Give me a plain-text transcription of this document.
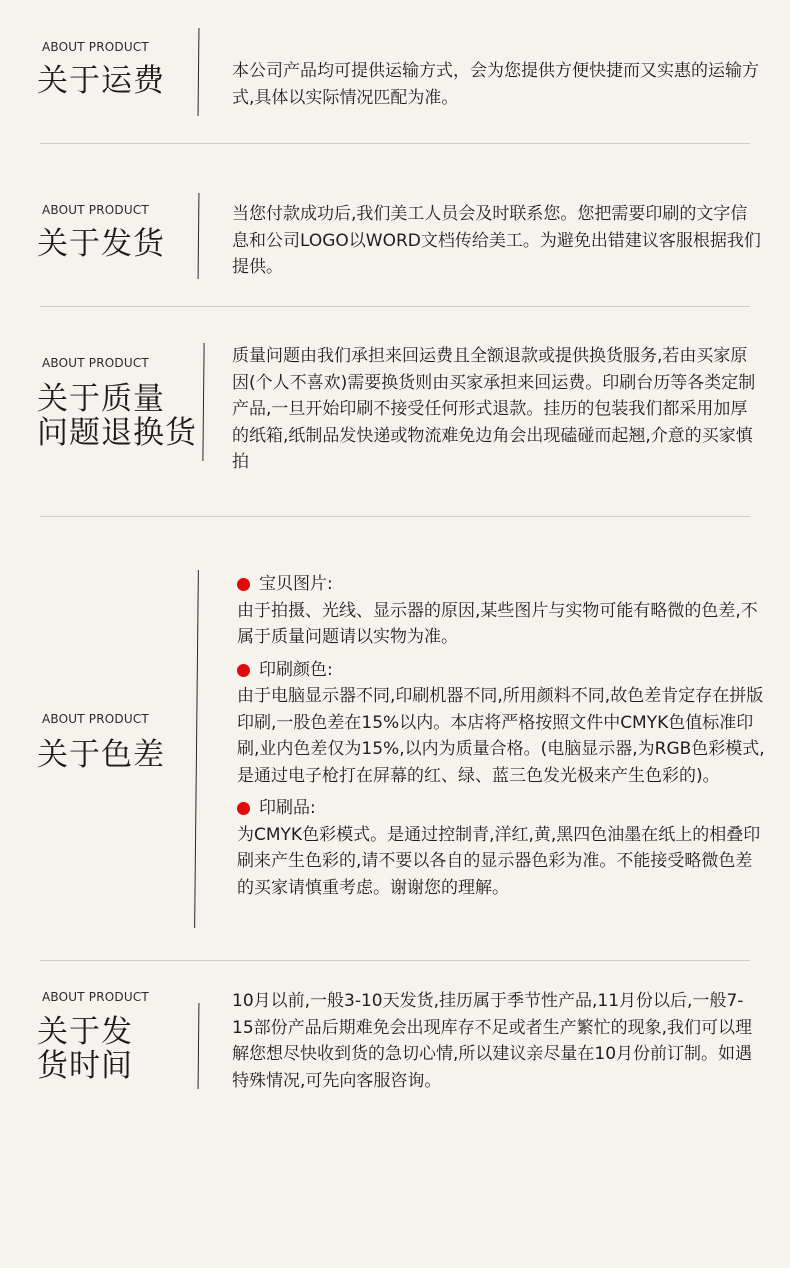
ABOUT PRODUCT
关于运费	本公司产品均可提供运输方式，会为您提供方便快捷而又实惠的运输方式,具体以实际情况匹配为准。

ABOUT PRODUCT
关于发货

当您付款成功后,我们美工人员会及时联系您。您把需要印刷的文字信息和公司LOGO以WORD文档传给美工。为避免出错建议客服根据我们提供。

ABOUT PRODUCT
关于质量
问题退换货

质量问题由我们承担来回运费且全额退款或提供换货服务,若由买家原因(个人不喜欢)需要换货则由买家承担来回运费。印刷台历等各类定制产品,一旦开始印刷不接受任何形式退款。挂历的包装我们都采用加厚的纸箱,纸制品发快递或物流难免边角会出现磕碰而起翘,介意的买家慎拍

ABOUT PRODUCT
关于色差

宝贝图片:

由于拍摄、光线、显示器的原因,某些图片与实物可能有略微的色差,不属于质量问题请以实物为准。

印刷颜色:

由于电脑显示器不同,印刷机器不同,所用颜料不同,故色差肯定存在拼版印刷,一股色差在15%以内。本店将严格按照文件中CMYK色值标准印刷,业内色差仅为15%,以内为质量合格。(电脑显示器,为RGB色彩模式,是通过电子枪打在屏幕的红、绿、蓝三色发光极来产生色彩的)。

印刷品:

为CMYK色彩模式。是通过控制青,洋红,黄,黑四色油墨在纸上的相叠印刷来产生色彩的,请不要以各自的显示器色彩为准。不能接受略微色差的买家请慎重考虑。谢谢您的理解。

ABOUT PRODUCT
关于发
货时间

10月以前,一般3-10天发货,挂历属于季节性产品,11月份以后,一般7-15部份产品后期难免会出现库存不足或者生产繁忙的现象,我们可以理解您想尽快收到货的急切心情,所以建议亲尽量在10月份前订制。如遇特殊情况,可先向客服咨询。
